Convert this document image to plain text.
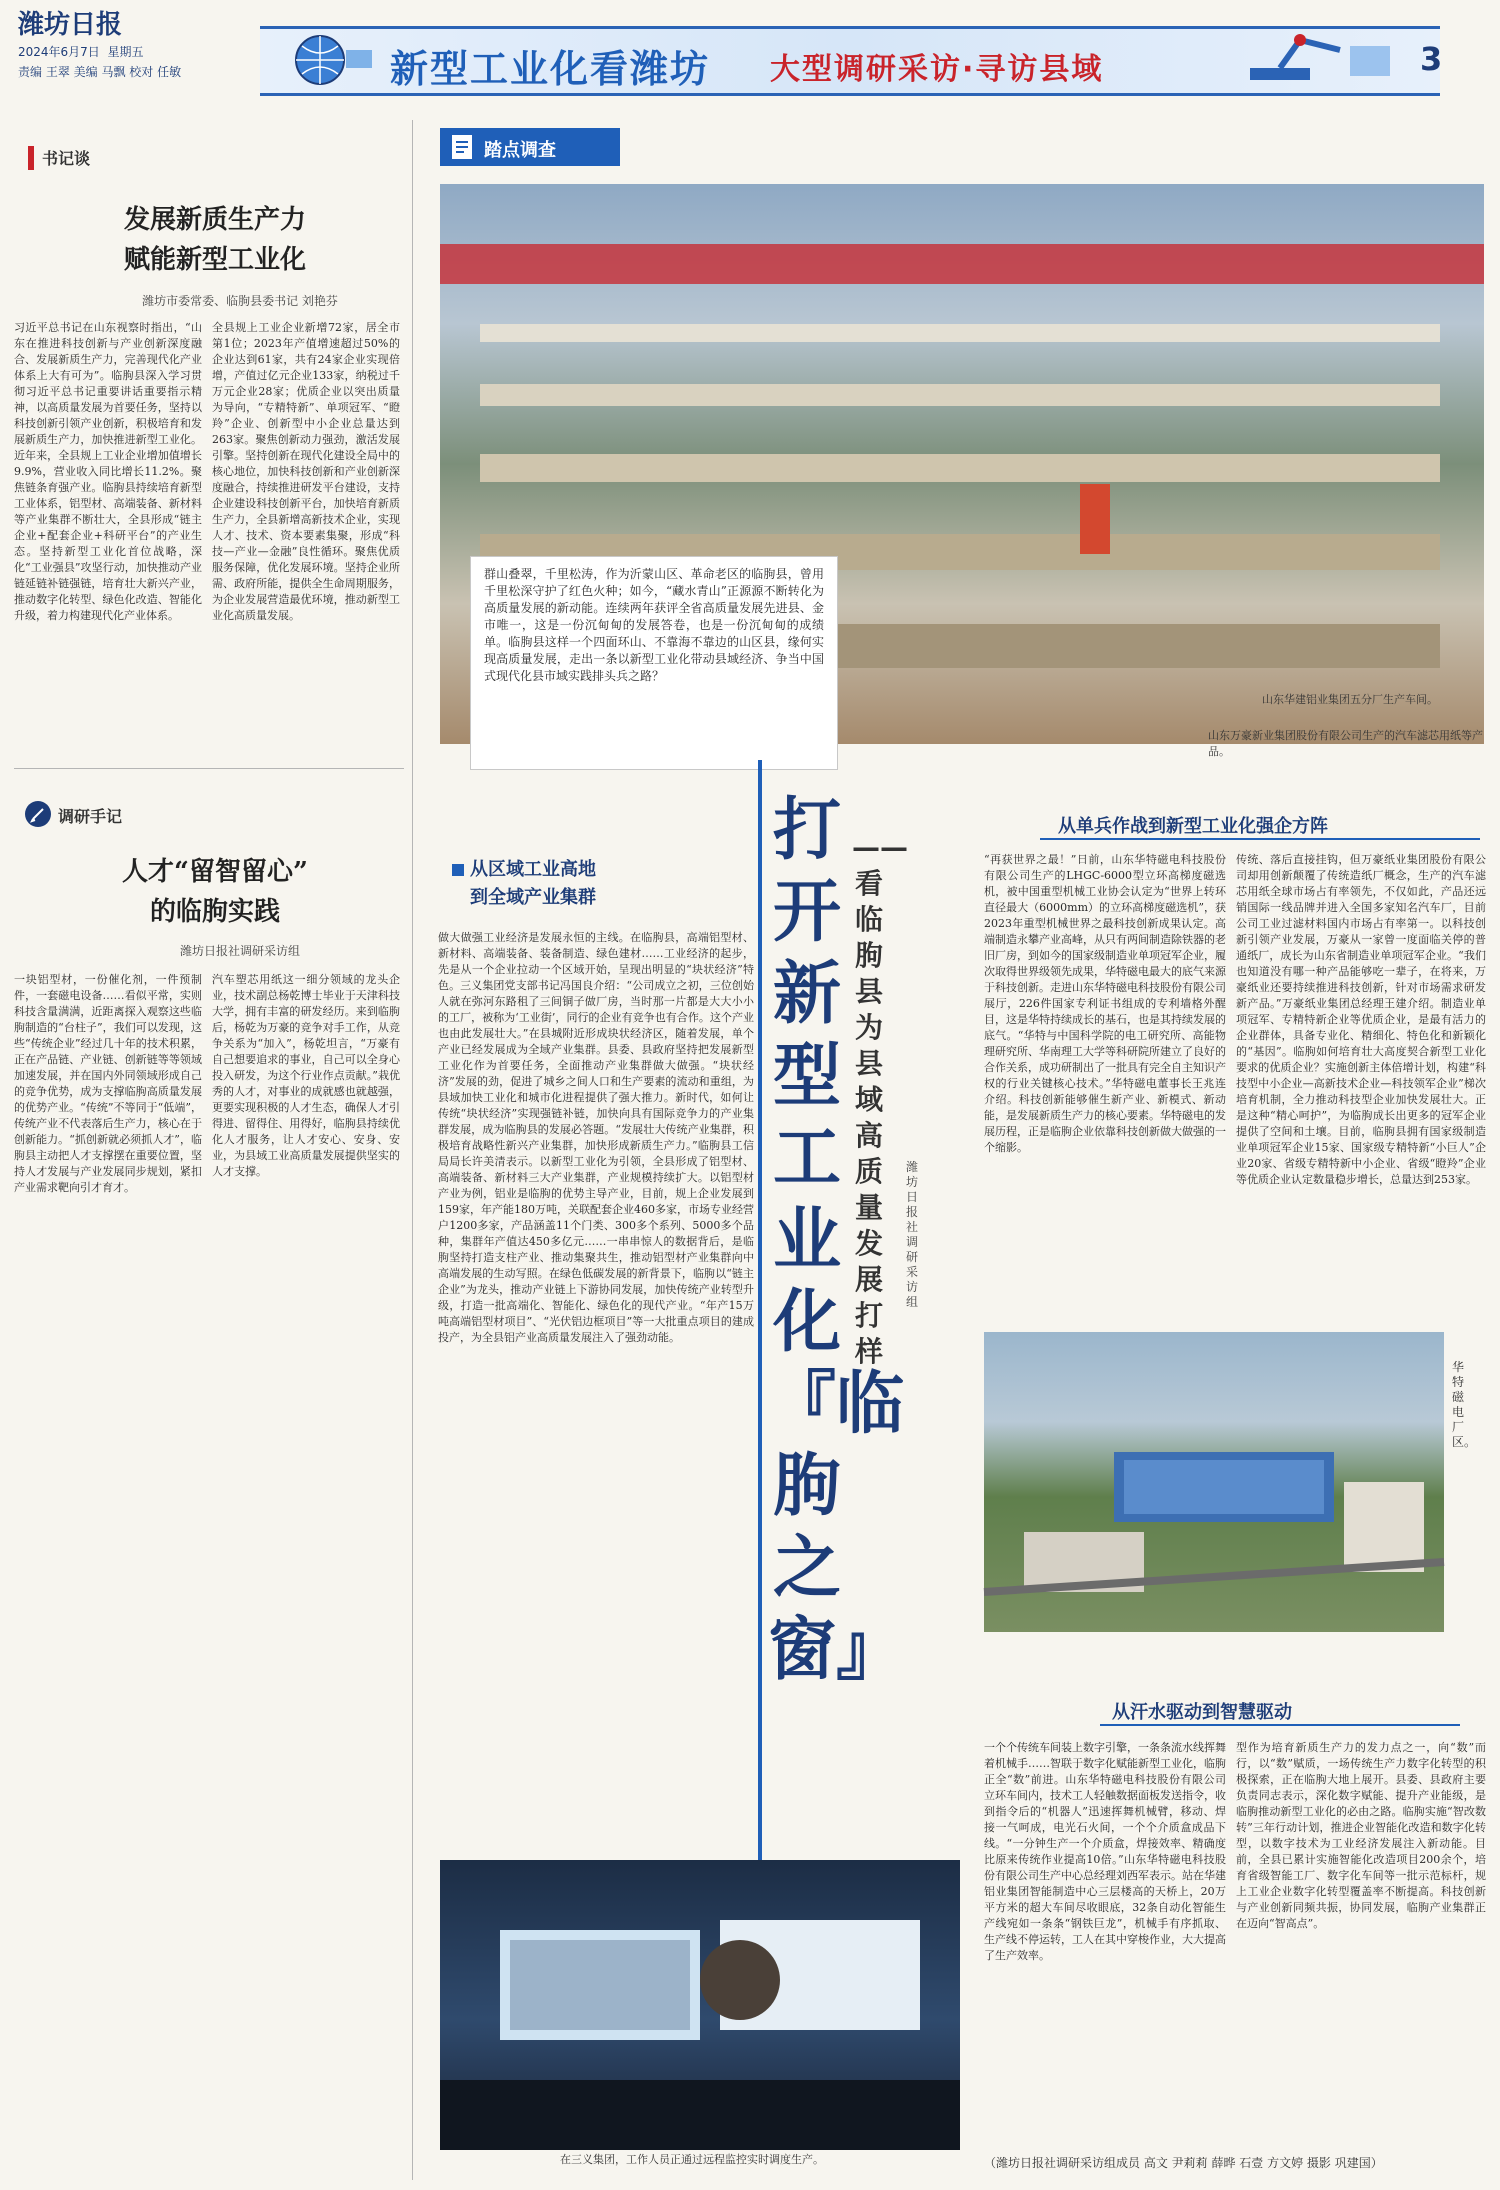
潍坊日报
2024年6月7日 星期五
责编 王翠 美编 马飘 校对 任敏	新型工业化看潍坊 大型调研采访·寻访县域	3
书记谈
发展新质生产力
赋能新型工业化
潍坊市委常委、临朐县委书记 刘艳芬
习近平总书记在山东视察时指出，“山东在推进科技创新与产业创新深度融合、发展新质生产力，完善现代化产业体系上大有可为”。临朐县深入学习贯彻习近平总书记重要讲话重要指示精神，以高质量发展为首要任务，坚持以科技创新引领产业创新，积极培育和发展新质生产力，加快推进新型工业化。近年来，全县规上工业企业增加值增长9.9%，营业收入同比增长11.2%。聚焦链条育强产业。临朐县持续培育新型工业体系，铝型材、高端装备、新材料等产业集群不断壮大，全县形成“链主企业+配套企业+科研平台”的产业生态。坚持新型工业化首位战略，深化“工业强县”攻坚行动，加快推动产业链延链补链强链，培育壮大新兴产业，推动数字化转型、绿色化改造、智能化升级，着力构建现代化产业体系。
全县规上工业企业新增72家，居全市第1位；2023年产值增速超过50%的企业达到61家，共有24家企业实现倍增，产值过亿元企业133家，纳税过千万元企业28家；优质企业以突出质量为导向，“专精特新”、单项冠军、“瞪羚”企业、创新型中小企业总量达到263家。聚焦创新动力强劲，激活发展引擎。坚持创新在现代化建设全局中的核心地位，加快科技创新和产业创新深度融合，持续推进研发平台建设，支持企业建设科技创新平台，加快培育新质生产力，全县新增高新技术企业，实现人才、技术、资本要素集聚，形成“科技—产业—金融”良性循环。聚焦优质服务保障，优化发展环境。坚持企业所需、政府所能，提供全生命周期服务，为企业发展营造最优环境，推动新型工业化高质量发展。
调研手记
人才“留智留心”
的临朐实践
潍坊日报社调研采访组
一块铝型材，一份催化剂，一件预制件，一套磁电设备……看似平常，实则科技含量满满，近距离探入观察这些临朐制造的“台柱子”，我们可以发现，这些“传统企业”经过几十年的技术积累，正在产品链、产业链、创新链等等领域加速发展，并在国内外同领域形成自己的竞争优势，成为支撑临朐高质量发展的优势产业。“传统”不等同于“低端”，传统产业不代表落后生产力，核心在于创新能力。“抓创新就必须抓人才”，临朐县主动把人才支撑摆在重要位置，坚持人才发展与产业发展同步规划，紧扣产业需求靶向引才育才。
汽车塑芯用纸这一细分领域的龙头企业，技术副总杨乾博士毕业于天津科技大学，拥有丰富的研发经历。来到临朐后，杨乾为万豪的竞争对手工作，从竞争关系为“加入”，杨乾坦言，“万豪有自己想要追求的事业，自己可以全身心投入研发，为这个行业作点贡献。”栽优秀的人才，对事业的成就感也就越强，更要实现积极的人才生态，确保人才引得进、留得住、用得好，临朐县持续优化人才服务，让人才安心、安身、安业，为县域工业高质量发展提供坚实的人才支撑。
踏点调查
群山叠翠，千里松涛，作为沂蒙山区、革命老区的临朐县，曾用千里松深守护了红色火种；如今，“藏水青山”正源源不断转化为高质量发展的新动能。连续两年获评全省高质量发展先进县、金市唯一，这是一份沉甸甸的发展答卷，也是一份沉甸甸的成绩单。临朐县这样一个四面环山、不靠海不靠边的山区县，缘何实现高质量发展，走出一条以新型工业化带动县域经济、争当中国式现代化县市域实践排头兵之路？
山东华建铝业集团五分厂生产车间。
山东万豪新业集团股份有限公司生产的汽车滤芯用纸等产品。
打开新型工业化『临朐之窗』
——看临朐县为县域高质量发展打样
潍坊日报社调研采访组
从区域工业高地
到全域产业集群
做大做强工业经济是发展永恒的主线。在临朐县，高端铝型材、新材料、高端装备、装备制造、绿色建材……工业经济的起步，先是从一个企业拉动一个区域开始，呈现出明显的“块状经济”特色。三义集团党支部书记冯国良介绍：“公司成立之初，三位创始人就在弥河东路租了三间铜子做厂房，当时那一片都是大大小小的工厂，被称为‘工业街’，同行的企业有竞争也有合作。这个产业也由此发展壮大。”在县城附近形成块状经济区，随着发展，单个产业已经发展成为全域产业集群。县委、县政府坚持把发展新型工业化作为首要任务，全面推动产业集群做大做强。“块状经济”发展的劲，促进了城乡之间人口和生产要素的流动和重组，为县域加快工业化和城市化进程提供了强大推力。新时代，如何让传统“块状经济”实现强链补链，加快向具有国际竞争力的产业集群发展，成为临朐县的发展必答题。“发展壮大传统产业集群，积极培育战略性新兴产业集群，加快形成新质生产力。”临朐县工信局局长许美清表示。以新型工业化为引领，全县形成了铝型材、高端装备、新材料三大产业集群，产业规模持续扩大。以铝型材产业为例，铝业是临朐的优势主导产业，目前，规上企业发展到159家，年产能180万吨，关联配套企业460多家，市场专业经营户1200多家，产品涵盖11个门类、300多个系列、5000多个品种，集群年产值达450多亿元……一串串惊人的数据背后，是临朐坚持打造支柱产业、推动集聚共生，推动铝型材产业集群向中高端发展的生动写照。在绿色低碳发展的新背景下，临朐以“链主企业”为龙头，推动产业链上下游协同发展，加快传统产业转型升级，打造一批高端化、智能化、绿色化的现代产业。“年产15万吨高端铝型材项目”、“光伏铝边框项目”等一大批重点项目的建成投产，为全县铝产业高质量发展注入了强劲动能。
从单兵作战到新型工业化强企方阵
“再获世界之最！”日前，山东华特磁电科技股份有限公司生产的LHGC-6000型立环高梯度磁选机，被中国重型机械工业协会认定为“世界上转环直径最大（6000mm）的立环高梯度磁选机”，获2023年重型机械世界之最科技创新成果认定。高端制造永攀产业高峰，从只有两间制造除铁器的老旧厂房，到如今的国家级制造业单项冠军企业，履次取得世界级领先成果，华特磁电最大的底气来源于科技创新。走进山东华特磁电科技股份有限公司展厅，226件国家专利证书组成的专利墙格外醒目，这是华特持续成长的基石，也是其持续发展的底气。“华特与中国科学院的电工研究所、高能物理研究所、华南理工大学等科研院所建立了良好的合作关系，成功研制出了一批具有完全自主知识产权的行业关键核心技术。”华特磁电董事长王兆连介绍。科技创新能够催生新产业、新模式、新动能，是发展新质生产力的核心要素。华特磁电的发展历程，正是临朐企业依靠科技创新做大做强的一个缩影。
传统、落后直接挂钩，但万豪纸业集团股份有限公司却用创新颠覆了传统造纸厂概念，生产的汽车滤芯用纸全球市场占有率领先，不仅如此，产品还远销国际一线品牌并进入全国多家知名汽车厂，目前公司工业过滤材料国内市场占有率第一。以科技创新引领产业发展，万豪从一家曾一度面临关停的普通纸厂，成长为山东省制造业单项冠军企业。“我们也知道没有哪一种产品能够吃一辈子，在将来，万豪纸业还要持续推进科技创新，针对市场需求研发新产品。”万豪纸业集团总经理王建介绍。制造业单项冠军、专精特新企业等优质企业，是最有活力的企业群体，具备专业化、精细化、特色化和新颖化的“基因”。临朐如何培育壮大高度契合新型工业化要求的优质企业？实施创新主体倍增计划，构建“科技型中小企业—高新技术企业—科技领军企业”梯次培育机制，全力推动科技型企业加快发展壮大。正是这种“精心呵护”，为临朐成长出更多的冠军企业提供了空间和土壤。目前，临朐县拥有国家级制造业单项冠军企业15家、国家级专精特新“小巨人”企业20家、省级专精特新中小企业、省级“瞪羚”企业等优质企业认定数量稳步增长，总量达到253家。
华特磁电厂区。
从汗水驱动到智慧驱动
一个个传统车间装上数字引擎，一条条流水线挥舞着机械手……智联于数字化赋能新型工业化，临朐正全“数”前进。山东华特磁电科技股份有限公司立环车间内，技术工人轻触数据面板发送指令，收到指令后的“机器人”迅速挥舞机械臂，移动、焊接一气呵成，电光石火间，一个个介质盒成品下线。“一分钟生产一个介质盒，焊接效率、精确度比原来传统作业提高10倍。”山东华特磁电科技股份有限公司生产中心总经理刘西军表示。站在华建铝业集团智能制造中心三层楼高的天桥上，20万平方米的超大车间尽收眼底，32条自动化智能生产线宛如一条条“钢铁巨龙”，机械手有序抓取、生产线不停运转，工人在其中穿梭作业，大大提高了生产效率。
型作为培育新质生产力的发力点之一，向“数”而行，以“数”赋质，一场传统生产力数字化转型的积极探索，正在临朐大地上展开。县委、县政府主要负责同志表示，深化数字赋能、提升产业能级，是临朐推动新型工业化的必由之路。临朐实施“智改数转”三年行动计划，推进企业智能化改造和数字化转型，以数字技术为工业经济发展注入新动能。目前，全县已累计实施智能化改造项目200余个，培育省级智能工厂、数字化车间等一批示范标杆，规上工业企业数字化转型覆盖率不断提高。科技创新与产业创新同频共振，协同发展，临朐产业集群正在迈向“智高点”。
在三义集团，工作人员正通过远程监控实时调度生产。	（潍坊日报社调研采访组成员 高文 尹莉莉 薛晔 石壹 方文婷 摄影 巩建国）
